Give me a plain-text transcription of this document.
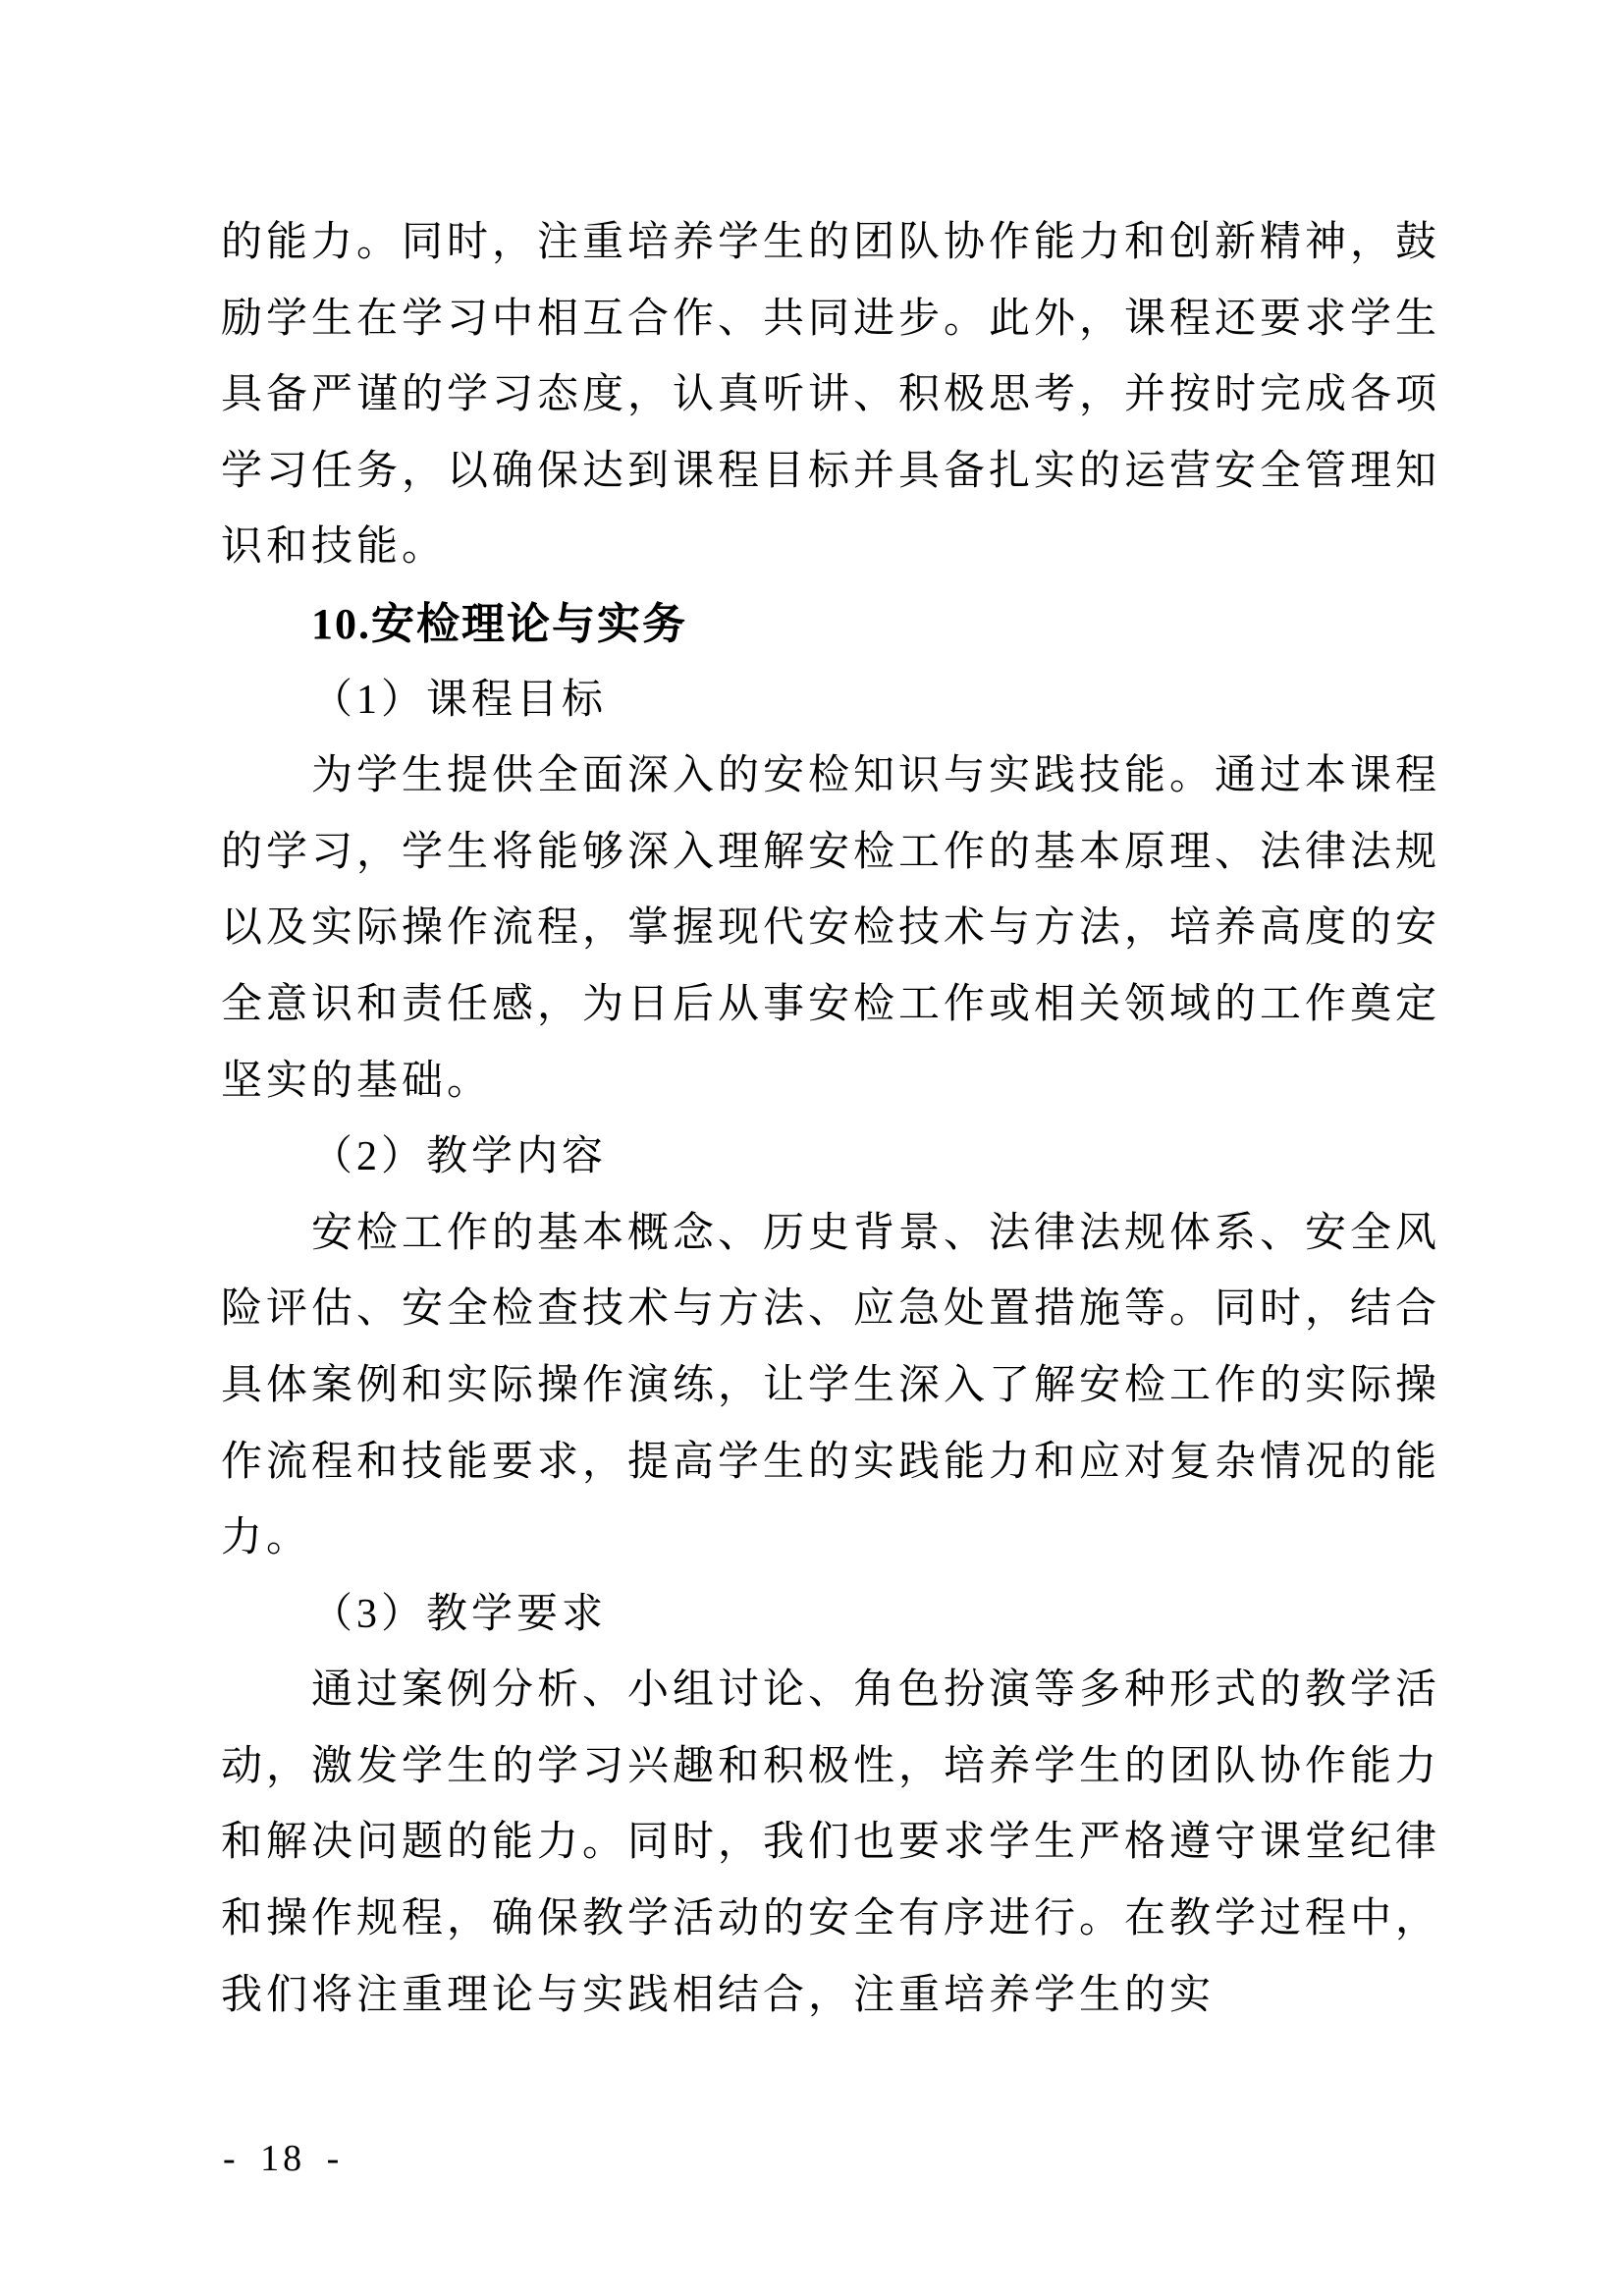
的能力。同时，注重培养学生的团队协作能力和创新精神，鼓励学生在学习中相互合作、共同进步。此外，课程还要求学生具备严谨的学习态度，认真听讲、积极思考，并按时完成各项学习任务，以确保达到课程目标并具备扎实的运营安全管理知识和技能。

10.安检理论与实务

（1）课程目标

为学生提供全面深入的安检知识与实践技能。通过本课程的学习，学生将能够深入理解安检工作的基本原理、法律法规以及实际操作流程，掌握现代安检技术与方法，培养高度的安全意识和责任感，为日后从事安检工作或相关领域的工作奠定坚实的基础。

（2）教学内容

安检工作的基本概念、历史背景、法律法规体系、安全风险评估、安全检查技术与方法、应急处置措施等。同时，结合具体案例和实际操作演练，让学生深入了解安检工作的实际操作流程和技能要求，提高学生的实践能力和应对复杂情况的能力。

（3）教学要求

通过案例分析、小组讨论、角色扮演等多种形式的教学活动，激发学生的学习兴趣和积极性，培养学生的团队协作能力和解决问题的能力。同时，我们也要求学生严格遵守课堂纪律和操作规程，确保教学活动的安全有序进行。在教学过程中，我们将注重理论与实践相结合，注重培养学生的实

- 18 -
